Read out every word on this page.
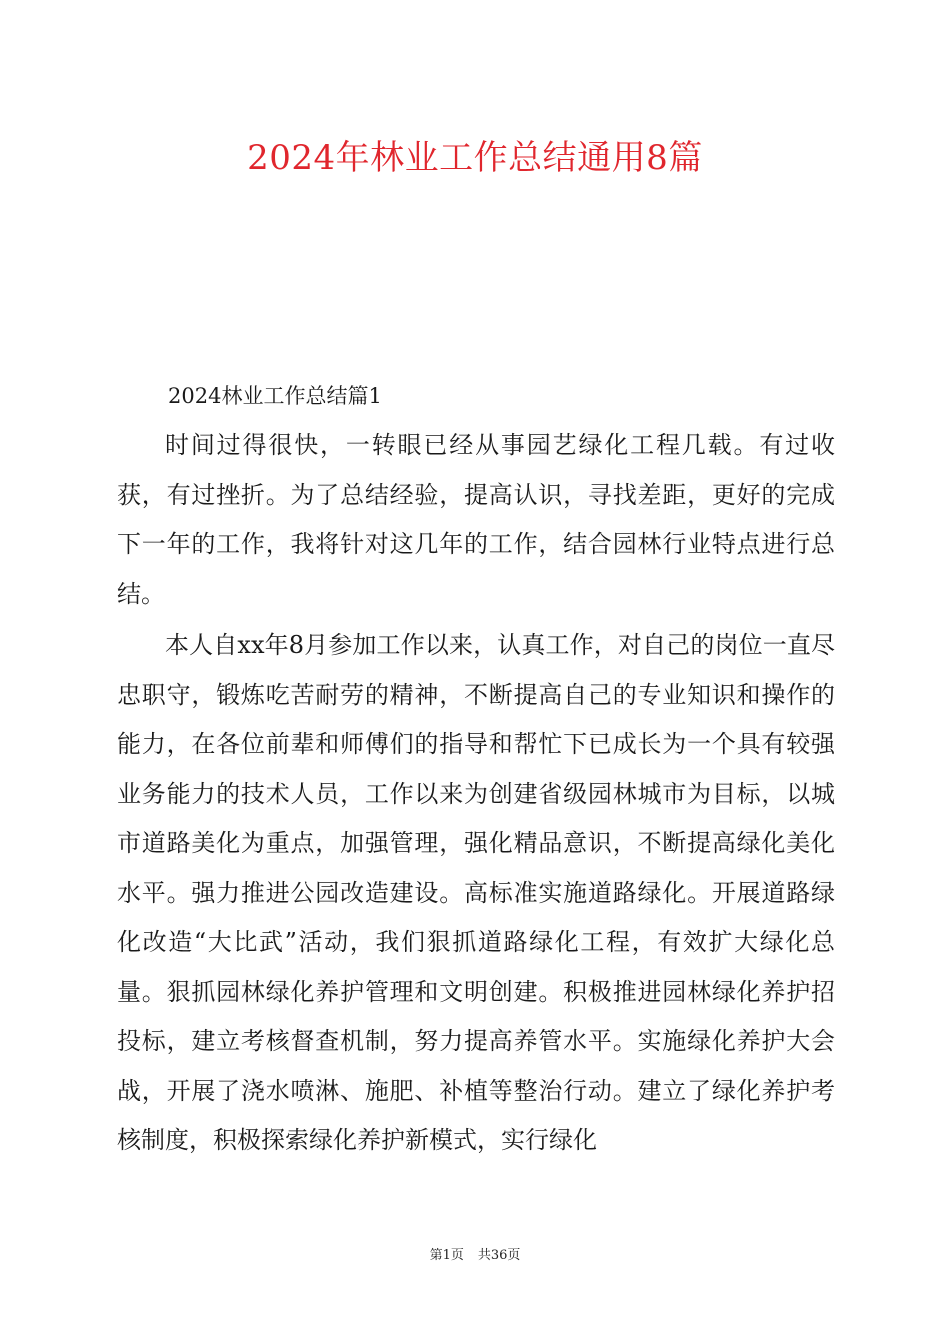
2024年林业工作总结通用8篇
2024林业工作总结篇1

时间过得很快，一转眼已经从事园艺绿化工程几载。有过收获，有过挫折。为了总结经验，提高认识，寻找差距，更好的完成下一年的工作，我将针对这几年的工作，结合园林行业特点进行总结。

本人自xx年8月参加工作以来，认真工作，对自己的岗位一直尽忠职守，锻炼吃苦耐劳的精神，不断提高自己的专业知识和操作的能力，在各位前辈和师傅们的指导和帮忙下已成长为一个具有较强业务能力的技术人员，工作以来为创建省级园林城市为目标，以城市道路美化为重点，加强管理，强化精品意识，不断提高绿化美化水平。强力推进公园改造建设。高标准实施道路绿化。开展道路绿化改造“大比武”活动，我们狠抓道路绿化工程，有效扩大绿化总量。狠抓园林绿化养护管理和文明创建。积极推进园林绿化养护招投标，建立考核督查机制，努力提高养管水平。实施绿化养护大会战，开展了浇水喷淋、施肥、补植等整治行动。建立了绿化养护考核制度，积极探索绿化养护新模式，实行绿化

第1页 共36页
